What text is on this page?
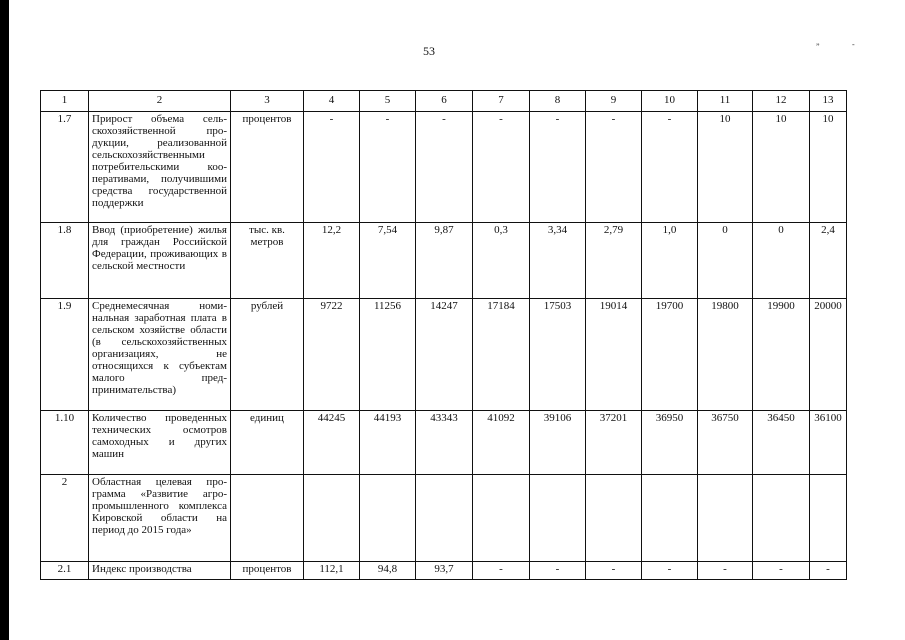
53	”	-
1	2	3	4	5	6	7	8	9	10	11	12	13
1.7	Прирост объема сельскохозяйственной продукции, реализованной сельскохозяйственными потребительскими кооперативами, получившими средства государственной поддержки	процентов	-	-	-	-	-	-	-	10	10	10
1.8	Ввод (приобретение) жилья для граждан Российской Федерации, проживающих в сельской местности	тыс. кв. метров	12,2	7,54	9,87	0,3	3,34	2,79	1,0	0	0	2,4
1.9	Среднемесячная номинальная заработная плата в сельском хозяйстве области (в сельскохозяйственных организациях, не относящихся к субъектам малого предпринимательства)	рублей	9722	11256	14247	17184	17503	19014	19700	19800	19900	20000
1.10	Количество проведенных технических осмотров самоходных и других машин	единиц	44245	44193	43343	41092	39106	37201	36950	36750	36450	36100
2	Областная целевая программа «Развитие агропромышленного комплекса Кировской области на период до 2015 года»											
2.1	Индекс производства	процентов	112,1	94,8	93,7	-	-	-	-	-	-	-
